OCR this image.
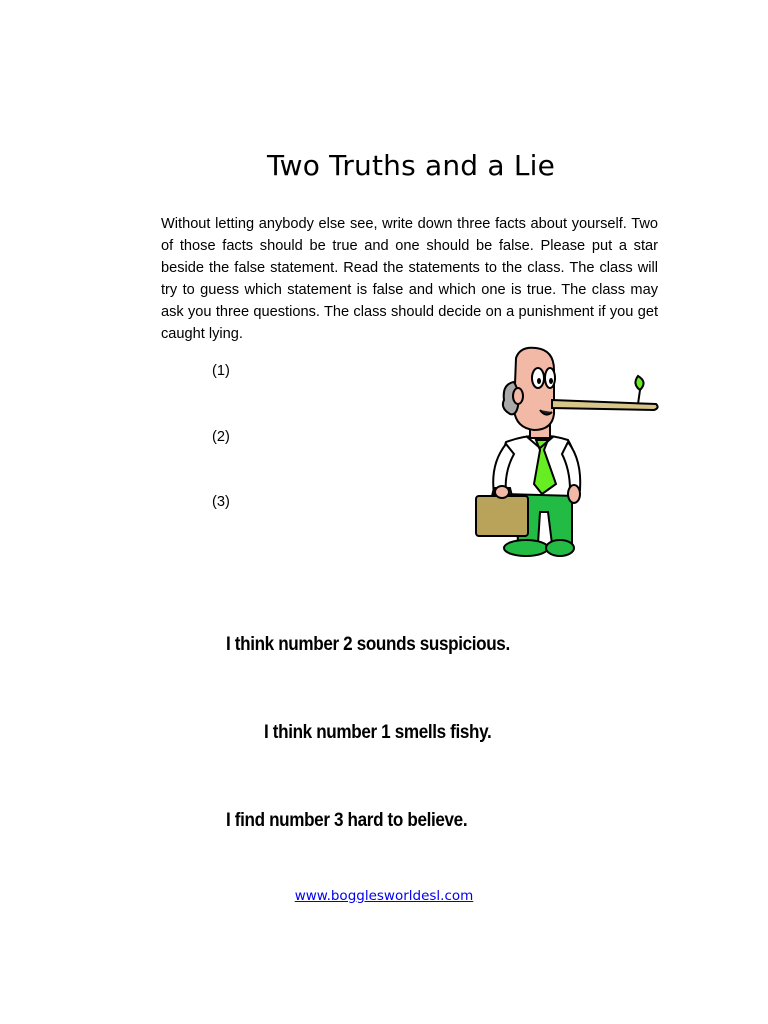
Two Truths and a Lie

Without letting anybody else see, write down three facts about yourself. Two of those facts should be true and one should be false. Please put a star beside the false statement. Read the statements to the class. The class will try to guess which statement is false and which one is true. The class may ask you three questions. The class should decide on a punishment if you get caught lying.

(1)
(2)
(3)
I think number 2 sounds suspicious.
I think number 1 smells fishy.
I find number 3 hard to believe.
www.bogglesworldesl.com
